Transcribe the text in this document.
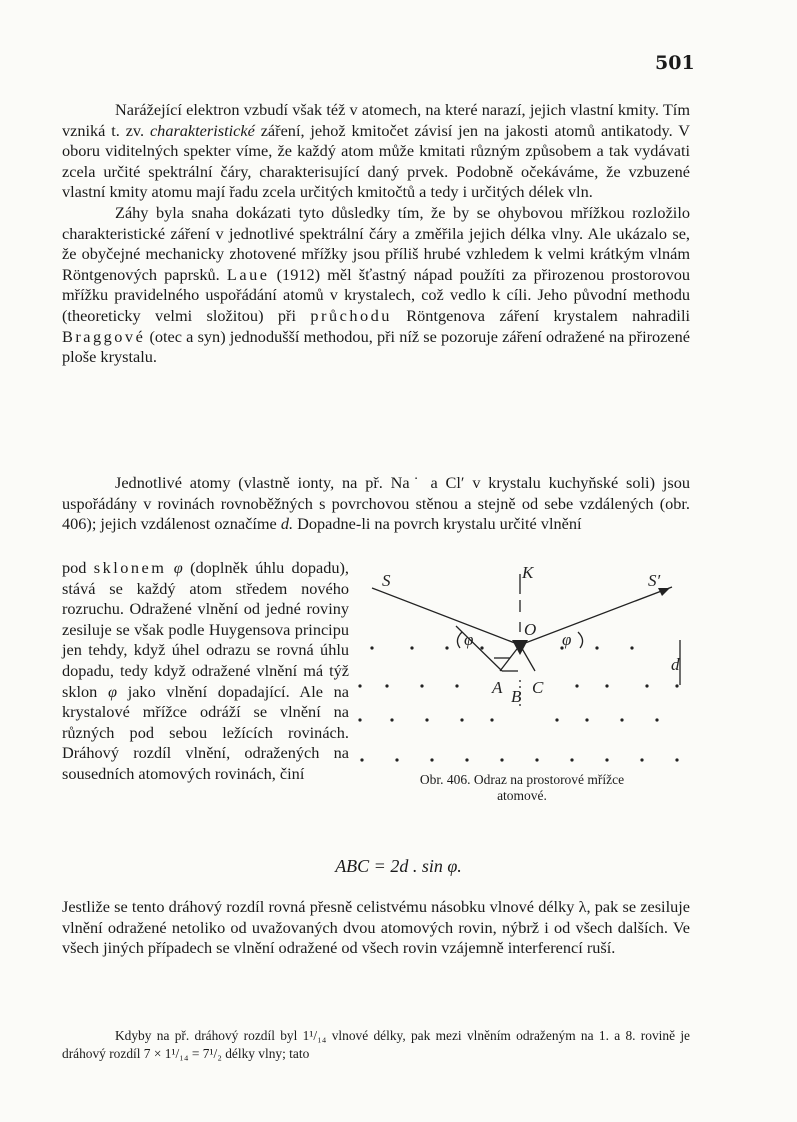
501

Narážející elektron vzbudí však též v atomech, na které narazí, jejich vlastní kmity. Tím vzniká t. zv. charakteristické záření, jehož kmitočet závisí jen na jakosti atomů antikatody. V oboru viditelných spekter víme, že každý atom může kmitati různým způsobem a tak vydávati zcela určité spektrální čáry, charakterisující daný prvek. Podobně očekáváme, že vzbuzené vlastní kmity atomu mají řadu zcela určitých kmitočtů a tedy i určitých délek vln.

Záhy byla snaha dokázati tyto důsledky tím, že by se ohybovou mřížkou rozložilo charakteristické záření v jednotlivé spektrální čáry a změřila jejich délka vlny. Ale ukázalo se, že obyčejné mechanicky zhotovené mřížky jsou příliš hrubé vzhledem k velmi krátkým vlnám Röntgenových paprsků. Laue (1912) měl šťastný nápad použíti za přirozenou prostorovou mřížku pravidelného uspořádání atomů v krystalech, což vedlo k cíli. Jeho původní methodu (theoreticky velmi složitou) při průchodu Röntgenova záření krystalem nahradili Braggové (otec a syn) jednodušší methodou, při níž se pozoruje záření odražené na přirozené ploše krystalu.

Jednotlivé atomy (vlastně ionty, na př. Na˙ a Cl′ v krystalu kuchyňské soli) jsou uspořádány v rovinách rovnoběžných s povrchovou stěnou a stejně od sebe vzdálených (obr. 406); jejich vzdálenost označíme d. Dopadne-li na povrch krystalu určité vlnění

pod sklonem φ (doplněk úhlu dopadu), stává se každý atom středem nového rozruchu. Odražené vlnění od jedné roviny zesiluje se však podle Huygensova principu jen tehdy, když úhel odrazu se rovná úhlu dopadu, tedy když odražené vlnění má týž sklon φ jako vlnění dopadající. Ale na krystalové mřížce odráží se vlnění na různých pod sebou ležících rovinách. Dráhový rozdíl vlnění, odražených na sousedních atomových rovinách, činí

S	S′
K
O
A B C
d
φ	φ
Obr. 406. Odraz na prostorové mřížce
atomové.
ABC = 2d . sin φ.

Jestliže se tento dráhový rozdíl rovná přesně celistvému násobku vlnové délky λ, pak se zesiluje vlnění odražené netoliko od uvažovaných dvou atomových rovin, nýbrž i od všech dalších. Ve všech jiných případech se vlnění odražené od všech rovin vzájemně interferencí ruší.

Kdyby na př. dráhový rozdíl byl 1¹/₁₄ vlnové délky, pak mezi vlněním odraženým na 1. a 8. rovině je dráhový rozdíl 7 × 1¹/₁₄ = 7¹/₂ délky vlny; tato
